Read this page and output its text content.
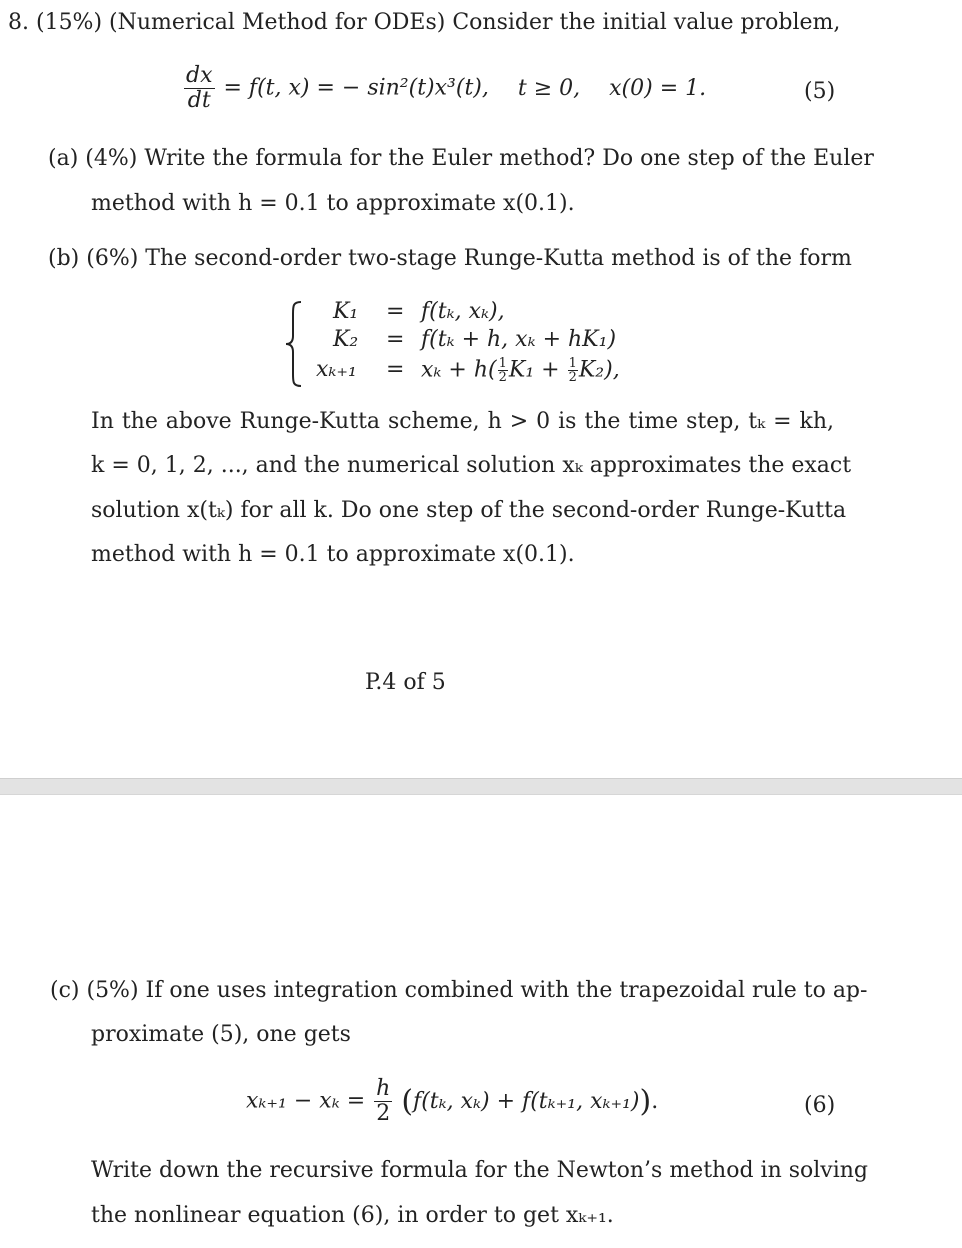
8. (15%) (Numerical Method for ODEs) Consider the initial value problem,
$\frac{dx}{dt} = f(t$, x) = − sin²(t)x³(t), t ≥ 0, x(0) = 1.	(5)
(a) (4%) Write the formula for the Euler method? Do one step of the Euler
method with h = 0.1 to approximate x(0.1).
(b) (6%) The second-order two-stage Runge-Kutta method is of the form
K₁ = f(tₖ, xₖ),
K₂ = f(tₖ + h, xₖ + hK₁)
$x_{k+1} = x_k + h( \frac{1}{2} K_1 + \frac{1}{2} K_2)$,
In the above Runge-Kutta scheme, h > 0 is the time step, tₖ = kh,
k = 0, 1, 2, ..., and the numerical solution xₖ approximates the exact
solution x(tₖ) for all k. Do one step of the second-order Runge-Kutta
method with h = 0.1 to approximate x(0.1).
P.4 of 5
(c) (5%) If one uses integration combined with the trapezoidal rule to ap-
proximate (5), one gets
$x_{k+1} - x_k = \frac{h}{2} (f(t_k$, xₖ) + f(tₖ₊₁, xₖ₊₁)).	(6)
Write down the recursive formula for the Newton’s method in solving
the nonlinear equation (6), in order to get xₖ₊₁.
